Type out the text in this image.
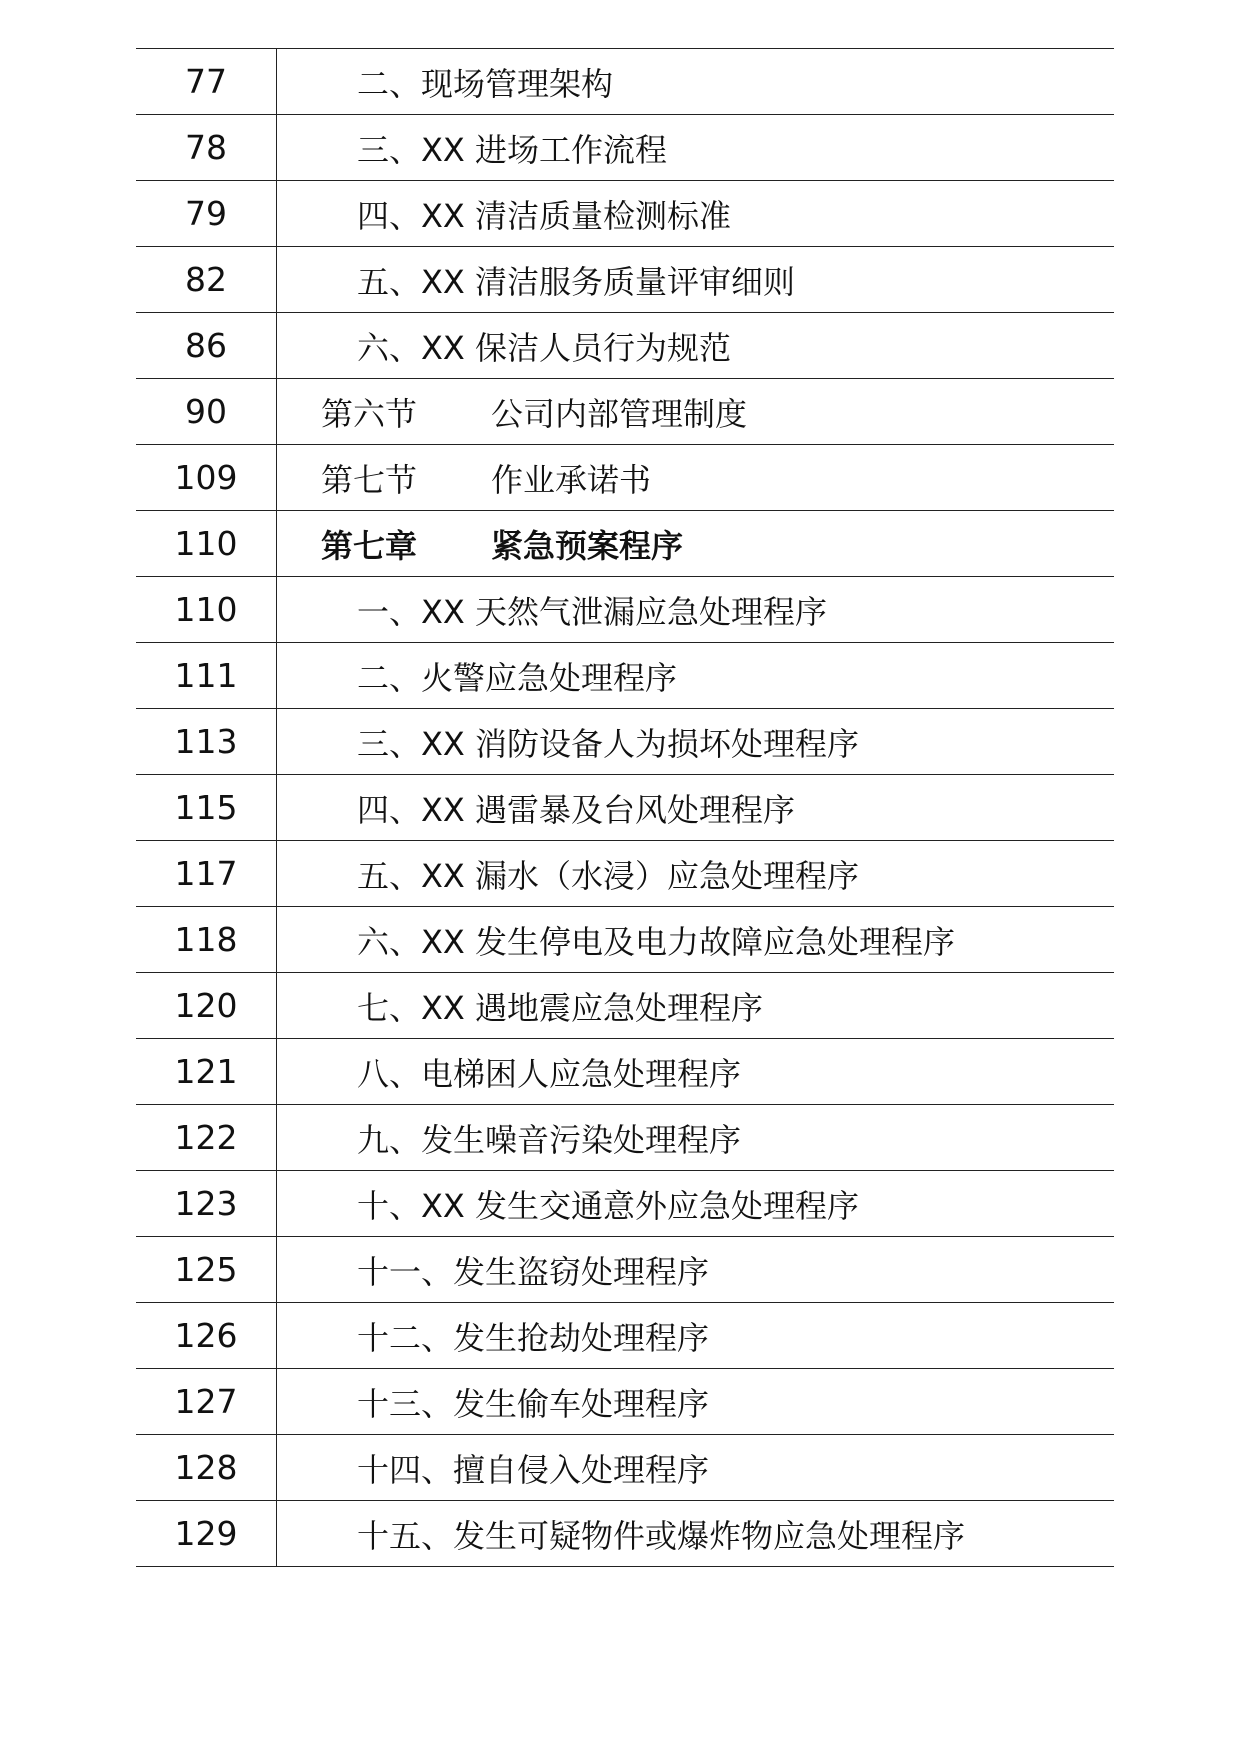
77	二、现场管理架构
78	三、XX 进场工作流程
79	四、XX 清洁质量检测标准
82	五、XX 清洁服务质量评审细则
86	六、XX 保洁人员行为规范
90	第六节	公司内部管理制度
109	第七节	作业承诺书
110	第七章	紧急预案程序
110	一、XX 天然气泄漏应急处理程序
111	二、火警应急处理程序
113	三、XX 消防设备人为损坏处理程序
115	四、XX 遇雷暴及台风处理程序
117	五、XX 漏水（水浸）应急处理程序
118	六、XX 发生停电及电力故障应急处理程序
120	七、XX 遇地震应急处理程序
121	八、电梯困人应急处理程序
122	九、发生噪音污染处理程序
123	十、XX 发生交通意外应急处理程序
125	十一、发生盗窃处理程序
126	十二、发生抢劫处理程序
127	十三、发生偷车处理程序
128	十四、擅自侵入处理程序
129	十五、发生可疑物件或爆炸物应急处理程序
